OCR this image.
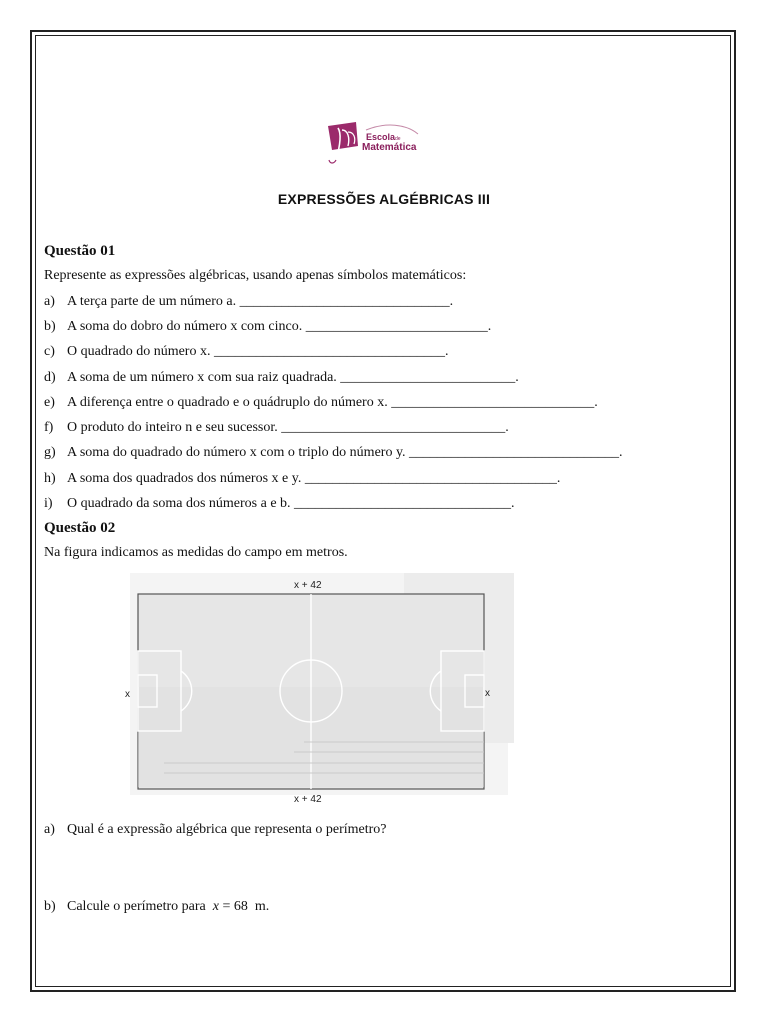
Escolade
Matemática
EXPRESSÕES ALGÉBRICAS III
Questão 01
Represente as expressões algébricas, usando apenas símbolos matemáticos:
a) A terça parte de um número a. ______________________________.
b) A soma do dobro do número x com cinco. __________________________.
c) O quadrado do número x. _________________________________.
d) A soma de um número x com sua raiz quadrada. _________________________.
e) A diferença entre o quadrado e o quádruplo do número x. _____________________________.
f) O produto do inteiro n e seu sucessor. ________________________________.
g) A soma do quadrado do número x com o triplo do número y. ______________________________.
h) A soma dos quadrados dos números x e y. ____________________________________.
i) O quadrado da soma dos números a e b. _______________________________.
Questão 02
Na figura indicamos as medidas do campo em metros.
x + 42
x + 42
x	x
a) Qual é a expressão algébrica que representa o perímetro?
b) Calcule o perímetro para x = 68 m.
